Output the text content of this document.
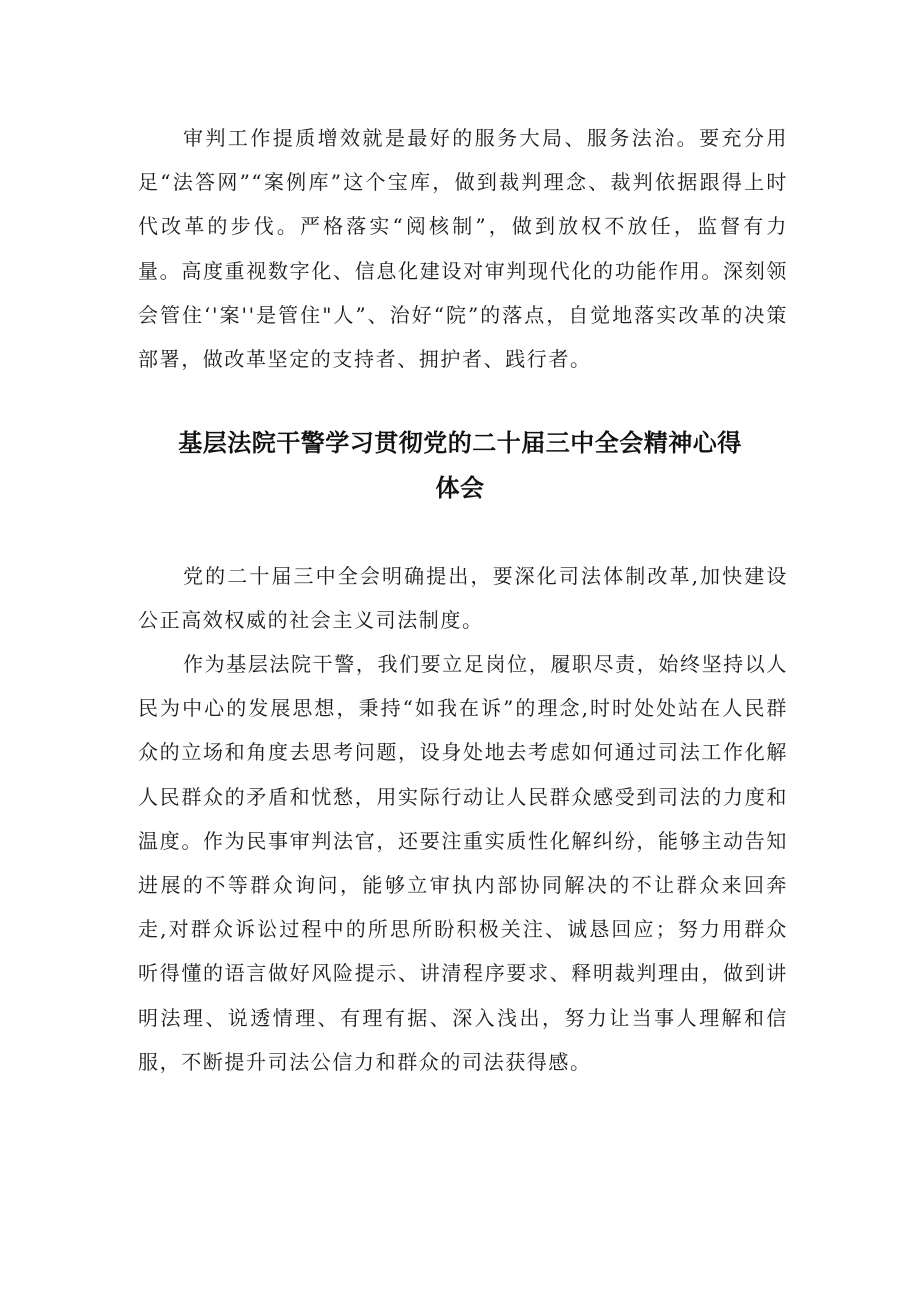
审判工作提质增效就是最好的服务大局、服务法治。要充分用足“法答网”“案例库”这个宝库，做到裁判理念、裁判依据跟得上时代改革的步伐。严格落实“阅核制”，做到放权不放任，监督有力量。高度重视数字化、信息化建设对审判现代化的功能作用。深刻领会管住‘'案''是管住"人”、治好“院”的落点，自觉地落实改革的决策部署，做改革坚定的支持者、拥护者、践行者。

基层法院干警学习贯彻党的二十届三中全会精神心得
体会

党的二十届三中全会明确提出，要深化司法体制改革,加快建设公正高效权威的社会主义司法制度。

作为基层法院干警，我们要立足岗位，履职尽责，始终坚持以人民为中心的发展思想，秉持“如我在诉”的理念,时时处处站在人民群众的立场和角度去思考问题，设身处地去考虑如何通过司法工作化解人民群众的矛盾和忧愁，用实际行动让人民群众感受到司法的力度和温度。作为民事审判法官，还要注重实质性化解纠纷，能够主动告知进展的不等群众询问，能够立审执内部协同解决的不让群众来回奔走,对群众诉讼过程中的所思所盼积极关注、诚恳回应；努力用群众听得懂的语言做好风险提示、讲清程序要求、释明裁判理由，做到讲明法理、说透情理、有理有据、深入浅出，努力让当事人理解和信服，不断提升司法公信力和群众的司法获得感。
